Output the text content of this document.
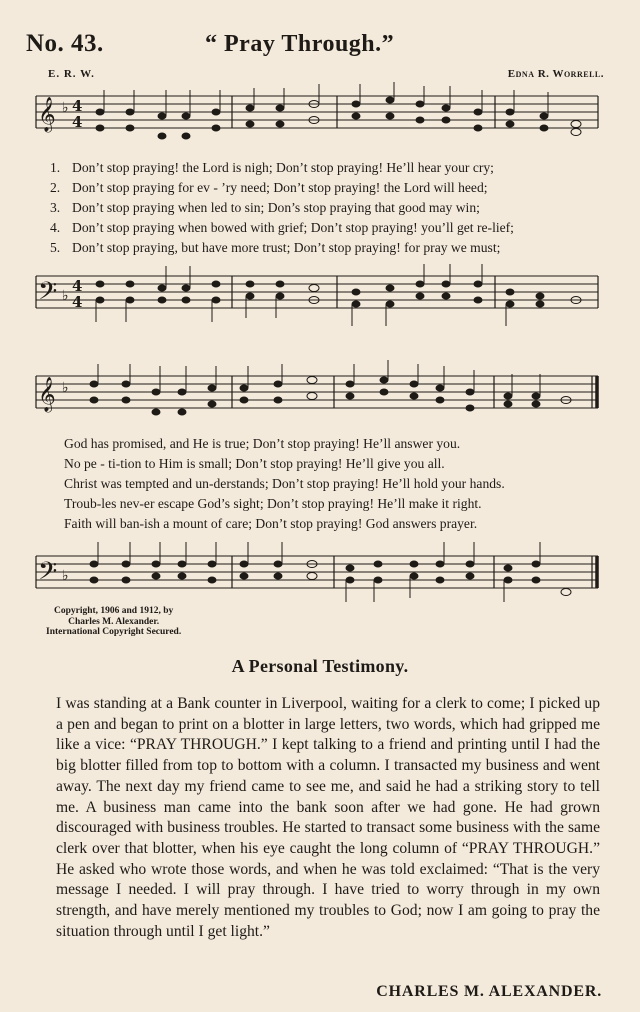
No. 43.	“ Pray Through.”
E. R. W.	Edna R. Worrell.
𝄞
𝄢
𝄞
𝄢
♭
♭
♭
♭
4
4
4
4
1. Don’t stop praying! the Lord is nigh; Don’t stop praying! He’ll hear your cry;
2. Don’t stop praying for ev - ’ry need; Don’t stop praying! the Lord will heed;
3. Don’t stop praying when led to sin; Don’s stop praying that good may win;
4. Don’t stop praying when bowed with grief; Don’t stop praying! you’ll get re-lief;
5. Don’t stop praying, but have more trust; Don’t stop praying! for pray we must;
God has promised, and He is true; Don’t stop praying! He’ll answer you.
No pe - ti-tion to Him is small; Don’t stop praying! He’ll give you all.
Christ was tempted and un-derstands; Don’t stop praying! He’ll hold your hands.
Troub-les nev-er escape God’s sight; Don’t stop praying! He’ll make it right.
Faith will ban-ish a mount of care; Don’t stop praying! God answers prayer.
Copyright, 1906 and 1912, by
Charles M. Alexander.
International Copyright Secured.
A Personal Testimony.
I was standing at a Bank counter in Liverpool, waiting for a clerk to come; I picked up a pen and began to print on a blotter in large letters, two words, which had gripped me like a vice: “PRAY THROUGH.” I kept talking to a friend and printing until I had the big blotter filled from top to bottom with a column. I transacted my business and went away. The next day my friend came to see me, and said he had a striking story to tell me. A business man came into the bank soon after we had gone. He had grown discouraged with business troubles. He started to transact some business with the same clerk over that blotter, when his eye caught the long column of “PRAY THROUGH.” He asked who wrote those words, and when he was told exclaimed: “That is the very message I needed. I will pray through. I have tried to worry through in my own strength, and have merely mentioned my troubles to God; now I am going to pray the situation through until I get light.”
CHARLES M. ALEXANDER.
